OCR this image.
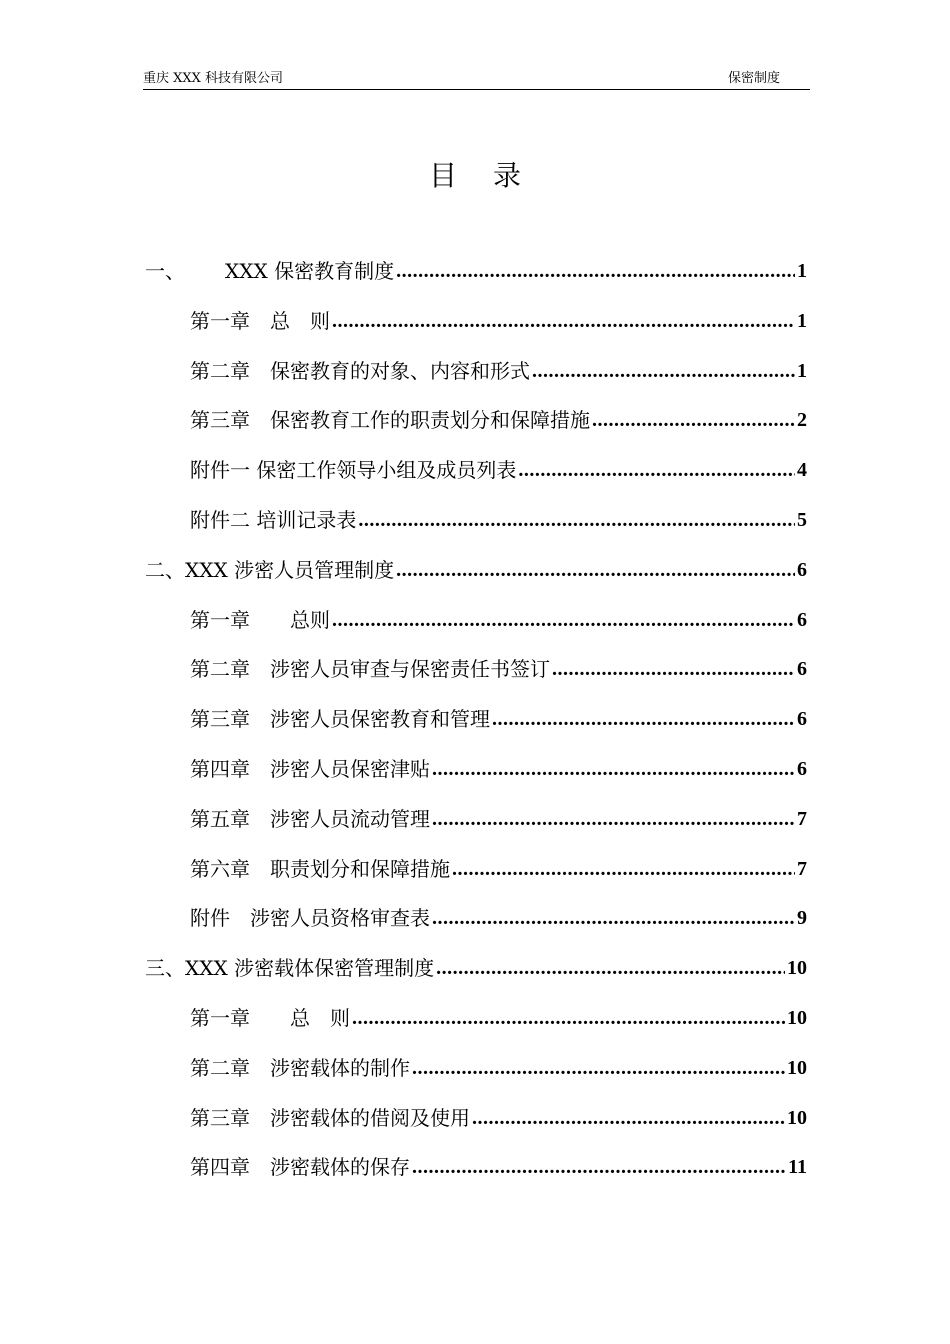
重庆 XXX 科技有限公司	保密制度
目录
一、 XXX 保密教育制度 .....	1
第一章　总　则 .....	1
第二章　保密教育的对象、内容和形式 .....	1
第三章　保密教育工作的职责划分和保障措施 .....	2
附件一 保密工作领导小组及成员列表 .....	4
附件二 培训记录表 .....	5
二、XXX 涉密人员管理制度 .....	6
第一章　　总则 .....	6
第二章　涉密人员审查与保密责任书签订 .....	6
第三章　涉密人员保密教育和管理 .....	6
第四章　涉密人员保密津贴 .....	6
第五章　涉密人员流动管理 .....	7
第六章　职责划分和保障措施 .....	7
附件　涉密人员资格审查表 .....	9
三、XXX 涉密载体保密管理制度 .....	10
第一章　　总　则 .....	10
第二章　涉密载体的制作 .....	10
第三章　涉密载体的借阅及使用 .....	10
第四章　涉密载体的保存 .....	11
